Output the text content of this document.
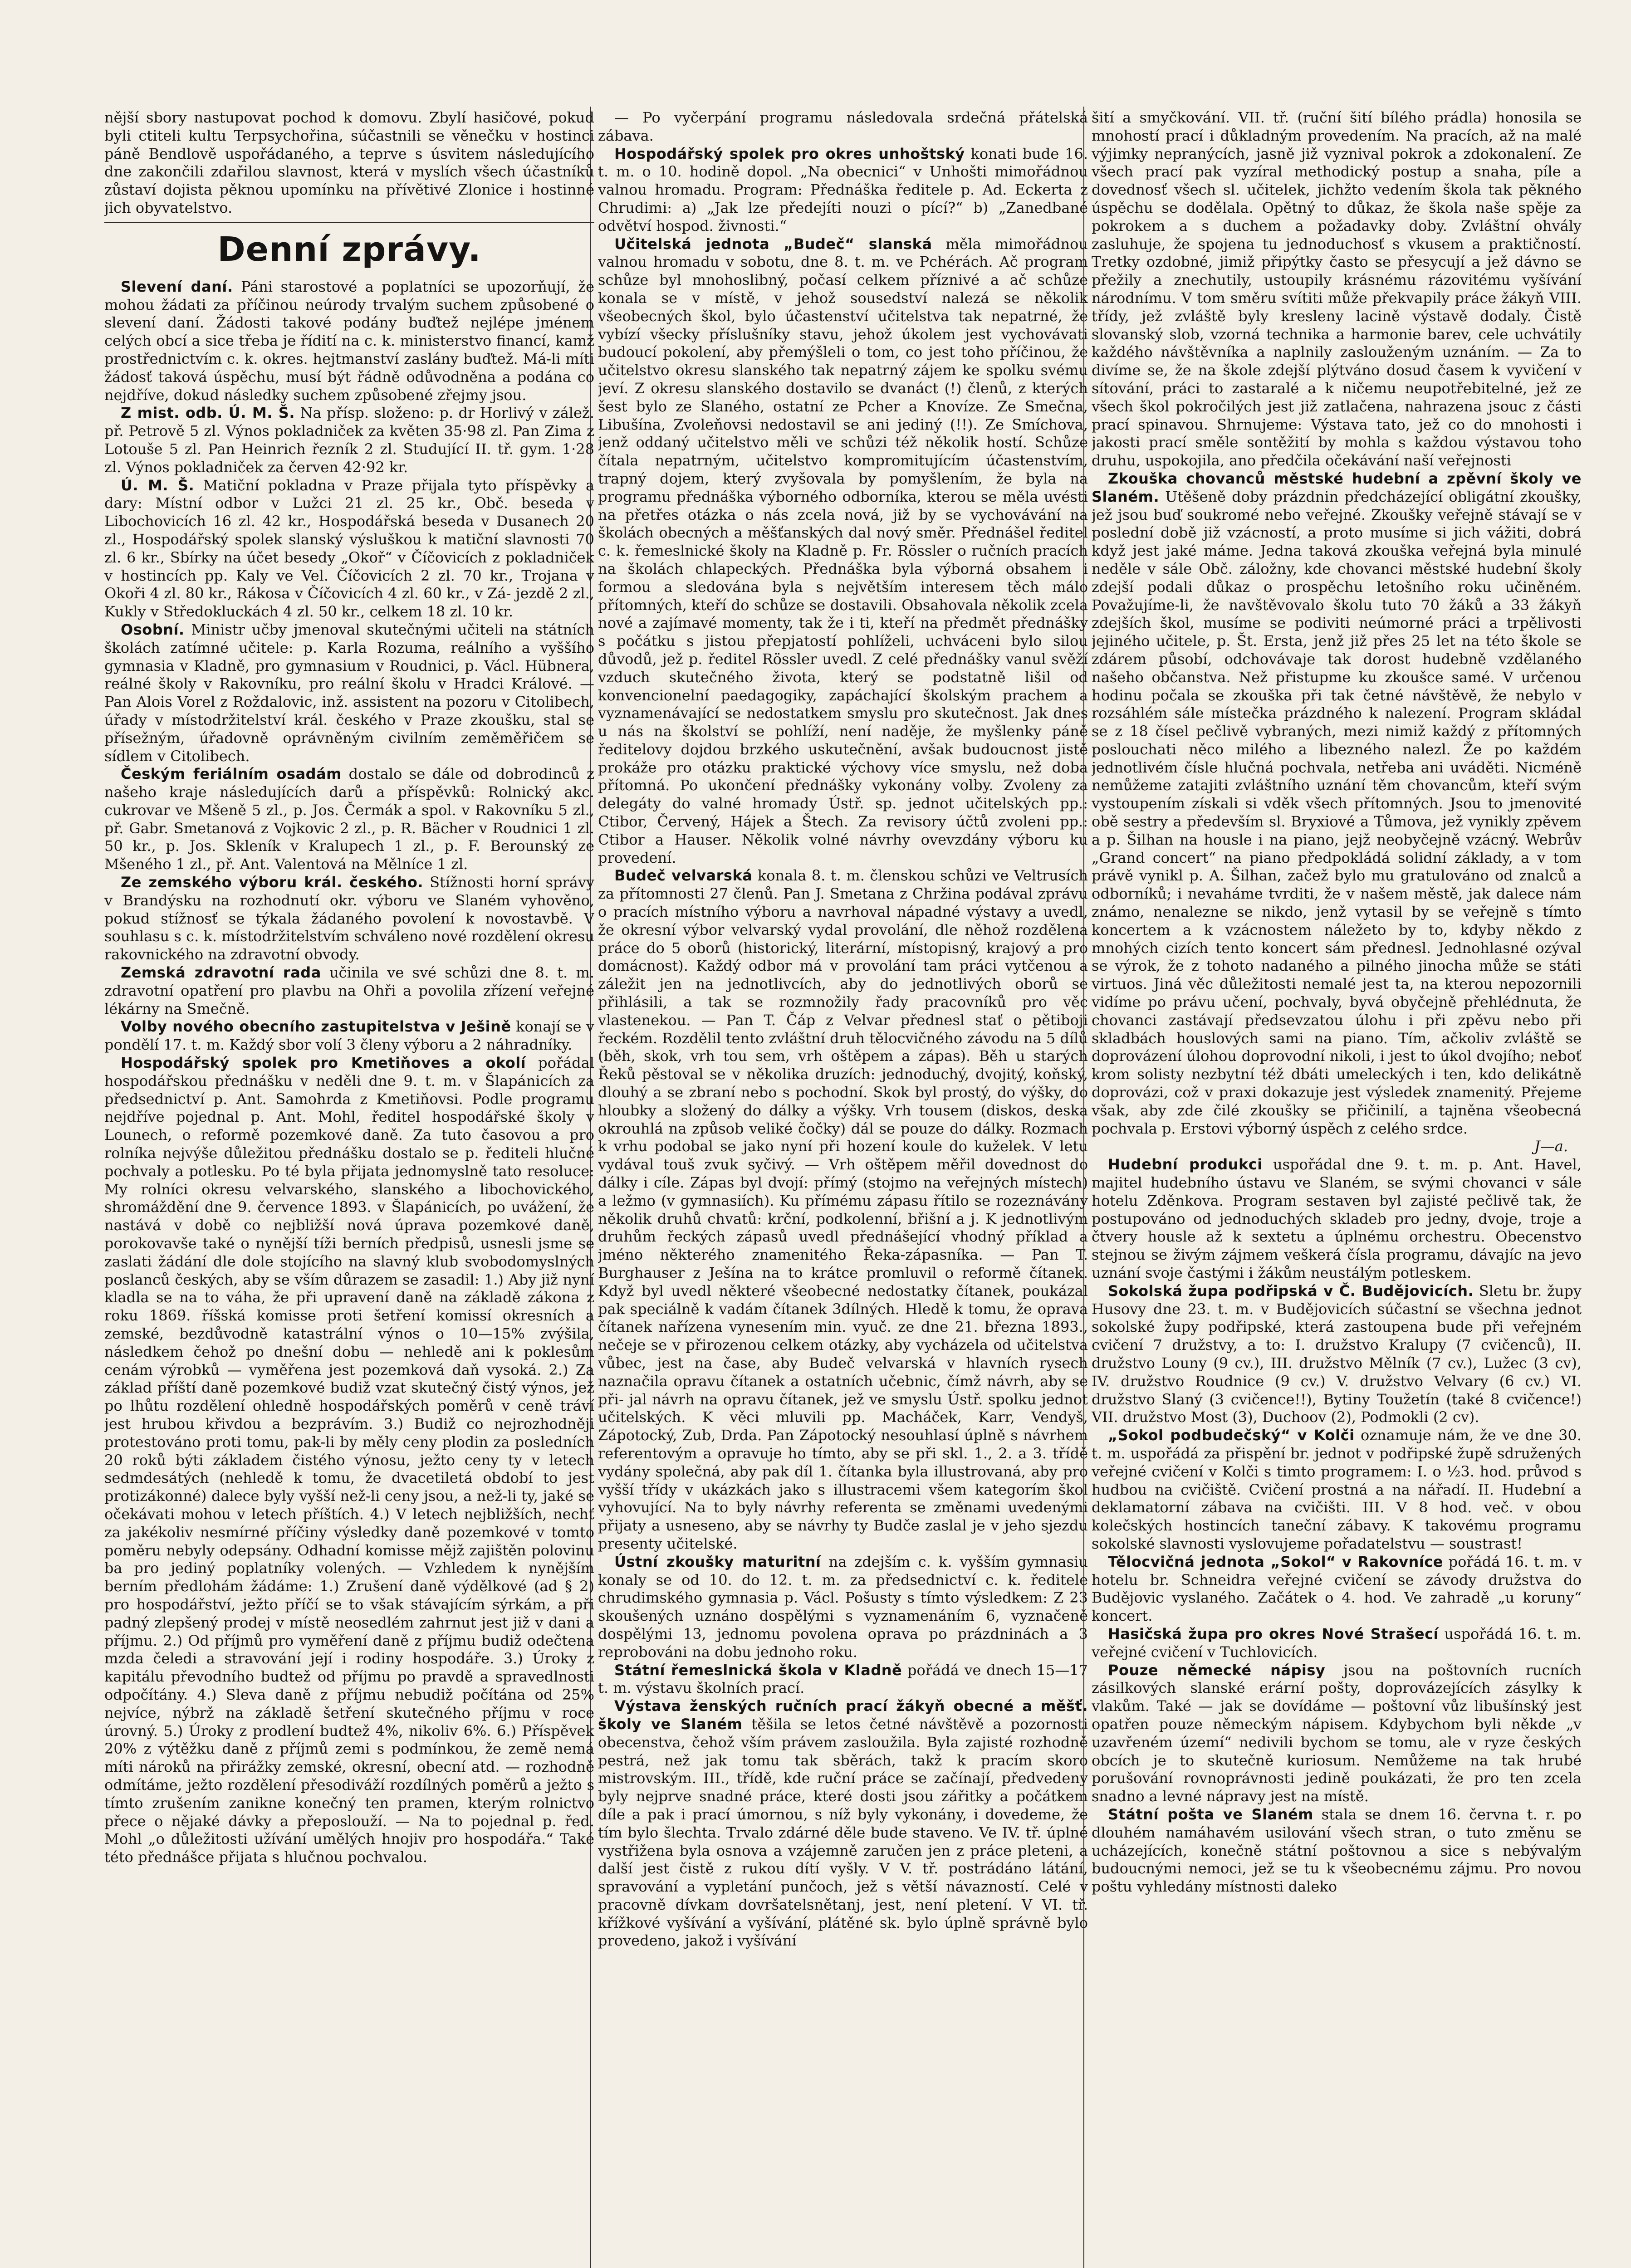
nější sbory nastupovat pochod k domovu. Zbylí hasičové, pokud byli ctiteli kultu Terpsychořina, súčastnili se věnečku v hostinci páně Bendlově uspořádaného, a teprve s úsvitem následujícího dne zakončili zdařilou slavnost, která v myslích všech účastníků zůstaví dojista pěknou upomínku na přívětivé Zlonice i hostinné jich obyvatelstvo.

Denní zprávy.

Slevení daní. Páni starostové a poplatníci se upozorňují, že mohou žádati za příčinou neúrody trvalým suchem způsobené o slevení daní. Žádosti takové podány buďtež nejlépe jménem celých obcí a sice třeba je řídití na c. k. ministerstvo financí, kamž prostřednictvím c. k. okres. hejtmanství zaslány buďtež. Má-li míti žádosť taková úspěchu, musí být řádně odůvodněna a podána co nejdříve, dokud následky suchem způsobené zřejmy jsou.

Z mist. odb. Ú. M. Š. Na přísp. složeno: p. dr Horlivý v zálež. př. Petrově 5 zl. Výnos pokladniček za květen 35·98 zl. Pan Zima z Lotouše 5 zl. Pan Heinrich řezník 2 zl. Studující II. tř. gym. 1·28 zl. Výnos pokladniček za červen 42·92 kr.

Ú. M. Š. Matiční pokladna v Praze přijala tyto příspěvky a dary: Místní odbor v Lužci 21 zl. 25 kr., Obč. beseda v Libochovicích 16 zl. 42 kr., Hospodářská beseda v Dusanech 20 zl., Hospodářský spolek slanský výsluškou k matiční slavnosti 70 zl. 6 kr., Sbírky na účet besedy „Okoř“ v Číčovicích z pokladniček v hostincích pp. Kaly ve Vel. Číčovicích 2 zl. 70 kr., Trojana v Okoři 4 zl. 80 kr., Rákosa v Číčovicích 4 zl. 60 kr., v Zá- jezdě 2 zl., Kukly v Středokluckách 4 zl. 50 kr., celkem 18 zl. 10 kr.

Osobní. Ministr učby jmenoval skutečnými učiteli na státních školách zatímné učitele: p. Karla Rozuma, reálního a vyššího gymnasia v Kladně, pro gymnasium v Roudnici, p. Václ. Hübnera, reálné školy v Rakovníku, pro reální školu v Hradci Králové. — Pan Alois Vorel z Roždalovic, inž. assistent na pozoru v Citolibech, úřady v místodržitelství král. českého v Praze zkoušku, stal se přísežným, úřadovně oprávněným civilním zeměměřičem se sídlem v Citolibech.

Českým feriálním osadám dostalo se dále od dobrodinců z našeho kraje následujících darů a příspěvků: Rolnický akc. cukrovar ve Mšeně 5 zl., p. Jos. Čermák a spol. v Rakovníku 5 zl., př. Gabr. Smetanová z Vojkovic 2 zl., p. R. Bächer v Roudnici 1 zl. 50 kr., p. Jos. Skleník v Kralupech 1 zl., p. F. Berounský ze Mšeného 1 zl., př. Ant. Valentová na Mělníce 1 zl.

Ze zemského výboru král. českého. Stížnosti horní správy v Brandýsku na rozhodnutí okr. výboru ve Slaném vyhověno, pokud stížnosť se týkala žádaného povolení k novostavbě. V souhlasu s c. k. místodržitelstvím schváleno nové rozdělení okresu rakovnického na zdravotní obvody.

Zemská zdravotní rada učinila ve své schůzi dne 8. t. m. zdravotní opatření pro plavbu na Ohři a povolila zřízení veřejné lékárny na Smečně.

Volby nového obecního zastupitelstva v Ješině konají se v pondělí 17. t. m. Každý sbor volí 3 členy výboru a 2 náhradníky.

Hospodářský spolek pro Kmetiňoves a okolí pořádal hospodářskou přednášku v neděli dne 9. t. m. v Šlapánicích za předsednictví p. Ant. Samohrda z Kmetiňovsi. Podle programu nejdříve pojednal p. Ant. Mohl, ředitel hospodářské školy v Lounech, o reformě pozemkové daně. Za tuto časovou a pro rolníka nejvýše důležitou přednášku dostalo se p. řediteli hlučné pochvaly a potlesku. Po té byla přijata jednomyslně tato resoluce: My rolníci okresu velvarského, slanského a libochovického, shromáždění dne 9. července 1893. v Šlapánicích, po uvážení, že nastává v době co nejbližší nová úprava pozemkové daně, porokovavše také o nynější tíži berních předpisů, usnesli jsme se zaslati žádání dle dole stojícího na slavný klub svobodomyslných poslanců českých, aby se vším důrazem se zasadil: 1.) Aby již nyní kladla se na to váha, že při upravení daně na základě zákona z roku 1869. říšská komisse proti šetření komissí okresních a zemské, bezdůvodně katastrální výnos o 10—15% zvýšila, následkem čehož po dnešní dobu — nehledě ani k poklesům cenám výrobků — vyměřena jest pozemková daň vysoká. 2.) Za základ příští daně pozemkové budiž vzat skutečný čistý výnos, jež po lhůtu rozdělení ohledně hospodářských poměrů v ceně tráví jest hrubou křivdou a bezprávím. 3.) Budiž co nejrozhodněji protestováno proti tomu, pak-li by měly ceny plodin za posledních 20 roků býti základem čistého výnosu, ježto ceny ty v letech sedmdesátých (nehledě k tomu, že dvacetiletá období to jest protizákonné) dalece byly vyšší než-li ceny jsou, a než-li ty, jaké se očekávati mohou v letech příštích. 4.) V letech nejbližších, nechť za jakékoliv nesmírné příčiny výsledky daně pozemkové v tomto poměru nebyly odepsány. Odhadní komisse mějž zajištěn polovinu ba pro jediný poplatníky volených. — Vzhledem k nynějším berním předlohám žádáme: 1.) Zrušení daně výdělkové (ad § 2) pro hospodářství, ježto příčí se to však stávajícím sýrkám, a při padný zlepšený prodej v místě neosedlém zahrnut jest již v dani a příjmu. 2.) Od příjmů pro vyměření daně z příjmu budiž odečtena mzda čeledi a stravování její i rodiny hospodáře. 3.) Úroky z kapitálu převodního budtež od příjmu po pravdě a spravedlnosti odpočítány. 4.) Sleva daně z příjmu nebudiž počítána od 25% nejvíce, nýbrž na základě šetření skutečného příjmu v roce úrovný. 5.) Úroky z prodlení budtež 4%, nikoliv 6%. 6.) Příspěvek 20% z výtěžku daně z příjmů zemi s podmínkou, že země nemá míti nároků na přirážky zemské, okresní, obecní atd. — rozhodně odmítáme, ježto rozdělení přesodiváží rozdílných poměrů a ježto s tímto zrušením zanikne konečný ten pramen, kterým rolnictvo přece o nějaké dávky a přeposlouží. — Na to pojednal p. řed. Mohl „o důležitosti užívání umělých hnojiv pro hospodářa.“ Také této přednášce přijata s hlučnou pochvalou.

— Po vyčerpání programu následovala srdečná přátelská zábava.

Hospodářský spolek pro okres unhoštský konati bude 16. t. m. o 10. hodině dopol. „Na obecnici“ v Unhošti mimořádnou valnou hromadu. Program: Přednáška ředitele p. Ad. Eckerta z Chrudimi: a) „Jak lze předejíti nouzi o pící?“ b) „Zanedbané odvětví hospod. živnosti.“

Učitelská jednota „Budeč“ slanská měla mimořádnou valnou hromadu v sobotu, dne 8. t. m. ve Pchérách. Ač program schůze byl mnohoslibný, počasí celkem příznivé a ač schůze konala se v místě, v jehož sousedství nalezá se několik všeobecných škol, bylo účastenství učitelstva tak nepatrné, že vybízí všecky příslušníky stavu, jehož úkolem jest vychovávati budoucí pokolení, aby přemýšleli o tom, co jest toho příčinou, že učitelstvo okresu slanského tak nepatrný zájem ke spolku svému jeví. Z okresu slanského dostavilo se dvanáct (!) členů, z kterých šest bylo ze Slaného, ostatní ze Pcher a Knovíze. Ze Smečna, Libušína, Zvoleňovsi nedostavil se ani jediný (!!). Ze Smíchova, jenž oddaný učitelstvo měli ve schůzi též několik hostí. Schůze čítala nepatrným, učitelstvo kompromitujícím účastenstvím, trapný dojem, který zvyšovala by pomyšlením, že byla na programu přednáška výborného odborníka, kterou se měla uvésti na přetřes otázka o nás zcela nová, již by se vychovávání na školách obecných a měšťanských dal nový směr. Přednášel ředitel c. k. řemeslnické školy na Kladně p. Fr. Rössler o ručních pracích na školách chlapeckých. Přednáška byla výborná obsahem i formou a sledována byla s největším interesem těch málo přítomných, kteří do schůze se dostavili. Obsahovala několik zcela nové a zajímavé momenty, tak že i ti, kteří na předmět přednášky s počátku s jistou přepjatostí pohlíželi, uchváceni bylo silou důvodů, jež p. ředitel Rössler uvedl. Z celé přednášky vanul svěží vzduch skutečného života, který se podstatně lišil od konvencionelní paedagogiky, zapáchající školským prachem a vyznamenávající se nedostatkem smyslu pro skutečnost. Jak dnes u nás na školství se pohlíží, není naděje, že myšlenky páně ředitelovy dojdou brzkého uskutečnění, avšak budoucnost jistě prokáže pro otázku praktické výchovy více smyslu, než doba přítomná. Po ukončení přednášky vykonány volby. Zvoleny za delegáty do valné hromady Ústř. sp. jednot učitelských pp.: Ctibor, Červený, Hájek a Štech. Za revisory účtů zvoleni pp.: Ctibor a Hauser. Několik volné návrhy ovevzdány výboru ku provedení.

Budeč velvarská konala 8. t. m. členskou schůzi ve Veltrusích za přítomnosti 27 členů. Pan J. Smetana z Chržina podával zprávu o pracích místního výboru a navrhoval nápadné výstavy a uvedl, že okresní výbor velvarský vydal provolání, dle něhož rozdělena práce do 5 oborů (historický, literární, místopisný, krajový a pro domácnost). Každý odbor má v provolání tam práci vytčenou a záležit jen na jednotlivcích, aby do jednotlivých oborů se přihlásili, a tak se rozmnožily řady pracovníků pro věc vlastenekou. — Pan T. Čáp z Velvar přednesl stať o pětiboji řeckém. Rozdělil tento zvláštní druh tělocvičného závodu na 5 dílů (běh, skok, vrh tou sem, vrh oštěpem a zápas). Běh u starých Řeků pěstoval se v několika druzích: jednoduchý, dvojitý, koňský, dlouhý a se zbraní nebo s pochodní. Skok byl prostý, do výšky, do hloubky a složený do dálky a výšky. Vrh tousem (diskos, deska okrouhlá na způsob veliké čočky) dál se pouze do dálky. Rozmach k vrhu podobal se jako nyní při hození koule do kuželek. V letu vydával touš zvuk syčivý. — Vrh oštěpem měřil dovednost do dálky i cíle. Zápas byl dvojí: přímý (stojmo na veřejných místech) a ležmo (v gymnasiích). Ku přímému zápasu řítilo se rozeznávány několik druhů chvatů: krční, podkolenní, břišní a j. K jednotlivým druhům řeckých zápasů uvedl přednášející vhodný příklad a jméno některého znamenitého Řeka-zápasníka. — Pan T. Burghauser z Ješína na to krátce promluvil o reformě čítanek. Když byl uvedl některé všeobecné nedostatky čítanek, poukázal pak speciálně k vadám čítanek 3dílných. Hledě k tomu, že oprava čítanek nařízena vynesením min. vyuč. ze dne 21. března 1893., nečeje se v přirozenou celkem otázky, aby vycházela od učitelstva vůbec, jest na čase, aby Budeč velvarská v hlavních rysech naznačila opravu čítanek a ostatních učebnic, čímž návrh, aby se při- jal návrh na opravu čítanek, jež ve smyslu Ústř. spolku jednot učitelských. K věci mluvili pp. Macháček, Karr, Vendyš, Zápotocký, Zub, Drda. Pan Zápotocký nesouhlasí úplně s návrhem referentovým a opravuje ho tímto, aby se při skl. 1., 2. a 3. třídě vydány společná, aby pak díl 1. čítanka byla illustrovaná, aby pro vyšší třídy v ukázkách jako s illustracemi všem kategorím škol vyhovující. Na to byly návrhy referenta se změnami uvedenými přijaty a usneseno, aby se návrhy ty Budče zaslal je v jeho sjezdu presenty učitelské.

Ústní zkoušky maturitní na zdejším c. k. vyšším gymnasiu konaly se od 10. do 12. t. m. za předsednictví c. k. ředitele chrudimského gymnasia p. Václ. Pošusty s tímto výsledkem: Z 23 skoušených uznáno dospělými s vyznamenáním 6, vyznačeně dospělými 13, jednomu povolena oprava po prázdninách a 3 reprobováni na dobu jednoho roku.

Státní řemeslnická škola v Kladně pořádá ve dnech 15—17 t. m. výstavu školních prací.

Výstava ženských ručních prací žákyň obecné a měšť. školy ve Slaném těšila se letos četné návštěvě a pozornosti obecenstva, čehož vším právem zasloužila. Byla zajisté rozhodně pestrá, než jak tomu tak sběrách, takž k pracím skoro mistrovským. III., třídě, kde ruční práce se začínají, předvedeny byly nejprve snadné práce, které dosti jsou zářitky a počátkem díle a pak i prací úmornou, s níž byly vykonány, i dovedeme, že tím bylo šlechta. Trvalo zdárné děle bude staveno. Ve IV. tř. úplné vystřižena byla osnova a vzájemně zaručen jen z práce pleteni, a další jest čistě z rukou dítí vyšly. V V. tř. postrádáno látání, spravování a vypletání punčoch, jež s větší návazností. Celé v pracovně dívkam dovršatelsnětanj, jest, není pletení. V VI. tř. křížkové vyšívání a vyšívání, plátěné sk. bylo úplně správně bylo provedeno, jakož i vyšívání

šití a smyčkování. VII. tř. (ruční šití bílého prádla) honosila se mnohostí prací i důkladným provedením. Na pracích, až na malé výjimky nepranýcích, jasně již vyznival pokrok a zdokonalení. Ze všech prací pak vyzíral methodický postup a snaha, píle a dovednosť všech sl. učitelek, jichžto vedením škola tak pěkného úspěchu se dodělala. Opětný to důkaz, že škola naše spěje za pokrokem a s duchem a požadavky doby. Zvláštní ohvály zasluhuje, že spojena tu jednoduchosť s vkusem a praktičností. Tretky ozdobné, jimiž připýtky často se přesycují a jež dávno se přežily a znechutily, ustoupily krásnému rázovitému vyšívání národnímu. V tom směru svítiti může překvapily práce žákyň VIII. třídy, jež zvláště byly kresleny lacině výstavě dodaly. Čistě slovanský slob, vzorná technika a harmonie barev, cele uchvátily každého návštěvníka a naplnily zaslouženým uznáním. — Za to divíme se, že na škole zdejší plýtváno dosud časem k vyvičení v sítování, práci to zastaralé a k ničemu neupotřebitelné, jež ze všech škol pokročilých jest již zatlačena, nahrazena jsouc z části prací spinavou. Shrnujeme: Výstava tato, jež co do mnohosti i jakosti prací směle sontěžití by mohla s každou výstavou toho druhu, uspokojila, ano předčila očekávání naší veřejnosti

Zkouška chovanců městské hudební a zpěvní školy ve Slaném. Utěšeně doby prázdnin předcházející obligátní zkoušky, jež jsou buď soukromé nebo veřejné. Zkoušky veřejně stávají se v poslední době již vzácností, a proto musíme si jich vážiti, dobrá když jest jaké máme. Jedna taková zkouška veřejná byla minulé neděle v sále Obč. záložny, kde chovanci městské hudební školy zdejší podali důkaz o prospěchu letošního roku učiněném. Považujíme-li, že navštěvovalo školu tuto 70 žáků a 33 žákyň zdejších škol, musíme se podiviti neúmorné práci a trpělivosti jejiného učitele, p. Št. Ersta, jenž již přes 25 let na této škole se zdárem působí, odchovávaje tak dorost hudebně vzdělaného našeho občanstva. Než přistupme ku zkoušce samé. V určenou hodinu počala se zkouška při tak četné návštěvě, že nebylo v rozsáhlém sále místečka prázdného k nalezení. Program skládal se z 18 čísel pečlivě vybraných, mezi nimiž každý z přítomných poslouchati něco milého a libezného nalezl. Že po každém jednotlivém čísle hlučná pochvala, netřeba ani uváděti. Nicméně nemůžeme zatajiti zvláštního uznání těm chovancům, kteří svým vystoupením získali si vděk všech přítomných. Jsou to jmenovité obě sestry a především sl. Bryxiové a Tůmova, jež vynikly zpěvem a p. Šilhan na housle i na piano, jejž neobyčejně vzácný. Webrův „Grand concert“ na piano předpokládá solidní základy, a v tom právě vynikl p. A. Šilhan, začež bylo mu gratulováno od znalců a odborníků; i nevaháme tvrditi, že v našem městě, jak dalece nám známo, nenalezne se nikdo, jenž vytasil by se veřejně s tímto koncertem a k vzácnostem náležeto by to, kdyby někdo z mnohých cizích tento koncert sám přednesl. Jednohlasné ozýval se výrok, že z tohoto nadaného a pilného jinocha může se státi virtuos. Jiná věc důležitosti nemalé jest ta, na kterou nepozornili vidíme po právu učení, pochvaly, byvá obyčejně přehlédnuta, že chovanci zastávají předsevzatou úlohu i při zpěvu nebo při skladbách houslových sami na piano. Tím, ačkoliv zvláště se doprovázení úlohou doprovodní nikoli, i jest to úkol dvojího; neboť krom solisty nezbytní též dbáti umeleckých i ten, kdo delikátně doprovázi, což v praxi dokazuje jest výsledek znamenitý. Přejeme však, aby zde čilé zkoušky se přičinilí, a tajněna všeobecná pochvala p. Erstovi výborný úspěch z celého srdce.

J—a.

Hudební produkci uspořádal dne 9. t. m. p. Ant. Havel, majitel hudebního ústavu ve Slaném, se svými chovanci v sále hotelu Zděnkova. Program sestaven byl zajisté pečlivě tak, že postupováno od jednoduchých skladeb pro jedny, dvoje, troje a čtvery housle až k sextetu a úplnému orchestru. Obecenstvo stejnou se živým zájmem veškerá čísla programu, dávajíc na jevo uznání svoje častými i žákům neustálým potleskem.

Sokolská župa podřipská v Č. Budějovicích. Sletu br. župy Husovy dne 23. t. m. v Budějovicích súčastní se všechna jednot sokolské župy podřipské, která zastoupena bude při veřejném cvičení 7 družstvy, a to: I. družstvo Kralupy (7 cvičenců), II. družstvo Louny (9 cv.), III. družstvo Mělník (7 cv.), Lužec (3 cv), IV. družstvo Roudnice (9 cv.) V. družstvo Velvary (6 cv.) VI. družstvo Slaný (3 cvičence!!), Bytiny Toužetín (také 8 cvičence!) VII. družstvo Most (3), Duchoov (2), Podmokli (2 cv).

„Sokol podbudečský“ v Kolči oznamuje nám, že ve dne 30. t. m. uspořádá za přispění br. jednot v podřipské župě sdružených veřejné cvičení v Kolči s timto programem: I. o ½3. hod. průvod s hudbou na cvičiště. Cvičení prostná a na nářadí. II. Hudební a deklamatorní zábava na cvičišti. III. V 8 hod. več. v obou kolečských hostincích taneční zábavy. K takovému programu sokolské slavnosti vyslovujeme pořadatelstvu — soustrast!

Tělocvičná jednota „Sokol“ v Rakovníce pořádá 16. t. m. v hotelu br. Schneidra veřejné cvičení se závody družstva do Budějovic vyslaného. Začátek o 4. hod. Ve zahradě „u koruny“ koncert.

Hasičská župa pro okres Nové Strašecí uspořádá 16. t. m. veřejné cvičení v Tuchlovicích.

Pouze německé nápisy jsou na poštovních rucních zásilkových slanské erární pošty, doprovázejících zásylky k vlakům. Také — jak se dovídáme — poštovní vůz libušínský jest opatřen pouze německým nápisem. Kdybychom byli někde „v uzavřeném území“ nedivili bychom se tomu, ale v ryze českých obcích je to skutečně kuriosum. Nemůžeme na tak hrubé porušování rovnoprávnosti jedině poukázati, že pro ten zcela snadno a levné nápravy jest na místě.

Státní pošta ve Slaném stala se dnem 16. června t. r. po dlouhém namáhavém usilování všech stran, o tuto změnu se ucházejících, konečně státní poštovnou a sice s nebývalým budoucnými nemoci, jež se tu k všeobecnému zájmu. Pro novou poštu vyhledány místnosti daleko
